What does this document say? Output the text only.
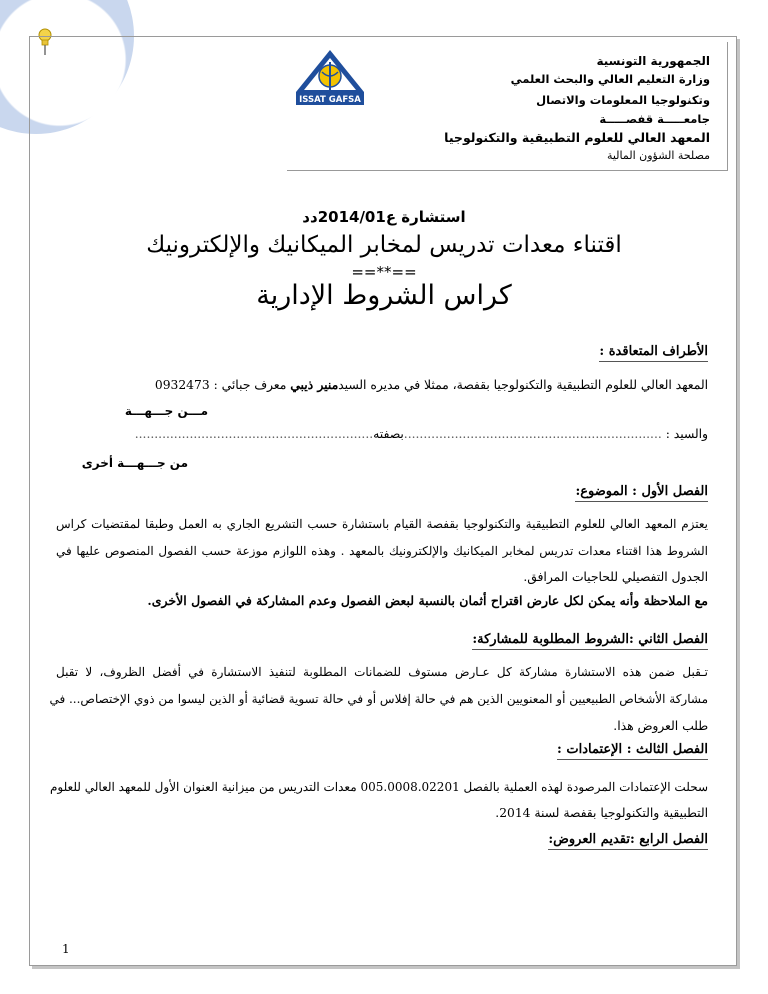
2014
ISSAT GAFSA
الجمهورية التونسية
وزارة التعليم العالي والبحث العلمي
وتكنولوجيا المعلومات والاتصال
جامعـــــة قفصـــــة
المعهد العالي للعلوم التطبيقية والتكنولوجيا
مصلحة الشؤون المالية
استشارة ع2014/01دد
اقتناء معدات تدريس لمخابر الميكانيك والإلكترونيك
==**==
كراس الشروط الإدارية
الأطراف المتعاقدة :
المعهد العالي للعلوم التطبيقية والتكنولوجيا بقفصة، ممثلا في مديره السيدمنير ذيبي معرف جبائي : 0932473
مـــن جـــهـــة
والسيد : ..................................................................بصفته.............................................................
من جـــهـــة أخرى
الفصل الأول : الموضوع:
يعتزم المعهد العالي للعلوم التطبيقية والتكنولوجيا بقفصة القيام باستشارة حسب التشريع الجاري به العمل وطبقا لمقتضيات كراس
الشروط هذا اقتناء معدات تدريس لمخابر الميكانيك والإلكترونيك بالمعهد . وهذه اللوازم موزعة حسب الفصول المنصوص عليها في
الجدول التفصيلي للحاجيات المرافق.
مع الملاحظة وأنه يمكن لكل عارض اقتراح أثمان بالنسبة لبعض الفصول وعدم المشاركة في الفصول الأخرى.
الفصل الثاني :الشروط المطلوبة للمشاركة:
تـقبل ضمن هذه الاستشارة مشاركة كل عـارض مستوف للضمانات المطلوبة لتنفيذ الاستشارة في أفضل الظروف، لا تقبل
مشاركة الأشخاص الطبيعيين أو المعنويين الذين هم في حالة إفلاس أو في حالة تسوية قضائية أو الذين ليسوا من ذوي الإختصاص... في
طلب العروض هذا.
الفصل الثالث : الإعتمادات :
سحلت الإعتمادات المرصودة لهذه العملية بالفصل 005.0008.02201 معدات التدريس من ميزانية العنوان الأول للمعهد العالي للعلوم
التطبيقية والتكنولوجيا بقفصة لسنة 2014.
الفصل الرابع :تقديم العروض:
1
